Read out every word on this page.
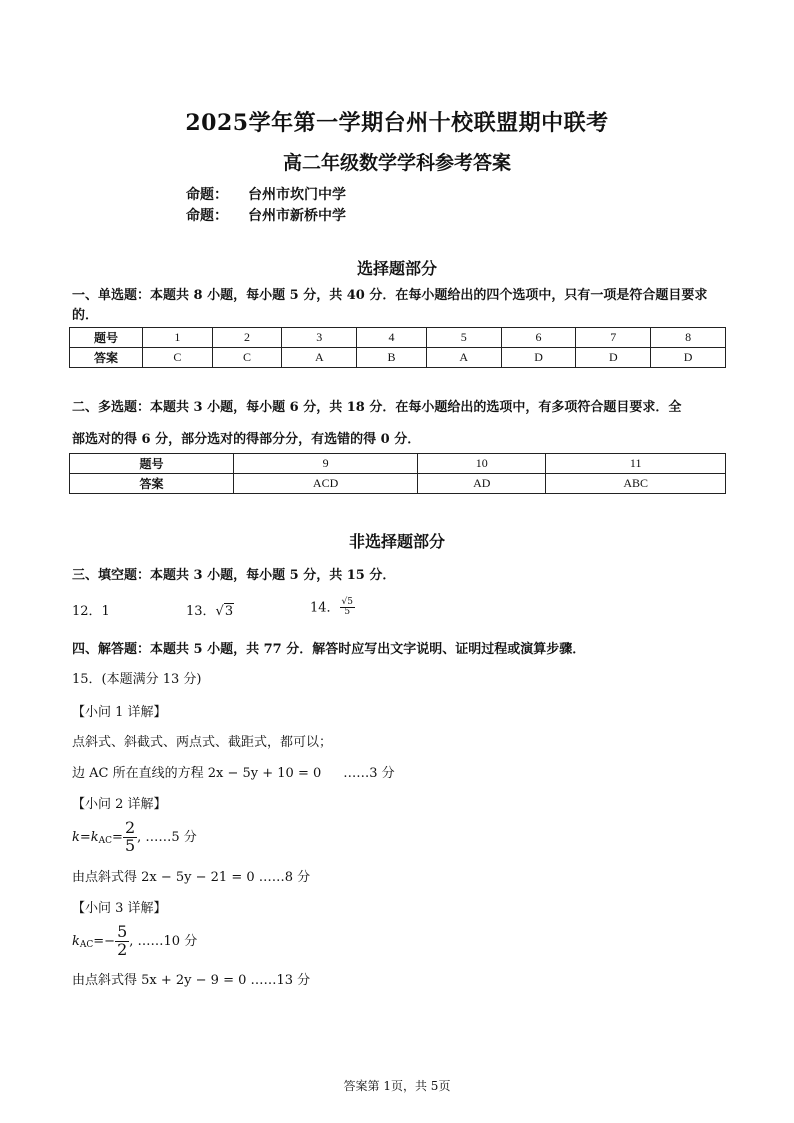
2025学年第一学期台州十校联盟期中联考
高二年级数学学科参考答案
命题： 台州市坎门中学
命题： 台州市新桥中学
选择题部分
一、单选题：本题共 8 小题，每小题 5 分，共 40 分．在每小题给出的四个选项中，只有一项是符合题目要求的．
题号	1	2	3	4	5	6	7	8
答案	C	C	A	B	A	D	D	D
二、多选题：本题共 3 小题，每小题 6 分，共 18 分．在每小题给出的选项中，有多项符合题目要求．全
部选对的得 6 分，部分选对的得部分分，有选错的得 0 分．
题号	9	10	11
答案	ACD	AD	ABC
非选择题部分
三、填空题：本题共 3 小题，每小题 5 分，共 15 分．
12．1	13．√3	14． $\frac{√5}{5}$
四、解答题：本题共 5 小题，共 77 分．解答时应写出文字说明、证明过程或演算步骤．
15．(本题满分 13 分)
【小问 1 详解】
点斜式、斜截式、两点式、截距式，都可以；
边 AC 所在直线的方程 2x − 5y + 10 = 0 ……3 分
【小问 2 详解】
$k=k_{AC}= \frac{2}{5}$ , ……5 分
由点斜式得 2x − 5y − 21 = 0 ……8 分
【小问 3 详解】
$k_{AC}=- \frac{5}{2}$ , ……10 分
由点斜式得 5x + 2y − 9 = 0 ……13 分
答案第 1页，共 5页
